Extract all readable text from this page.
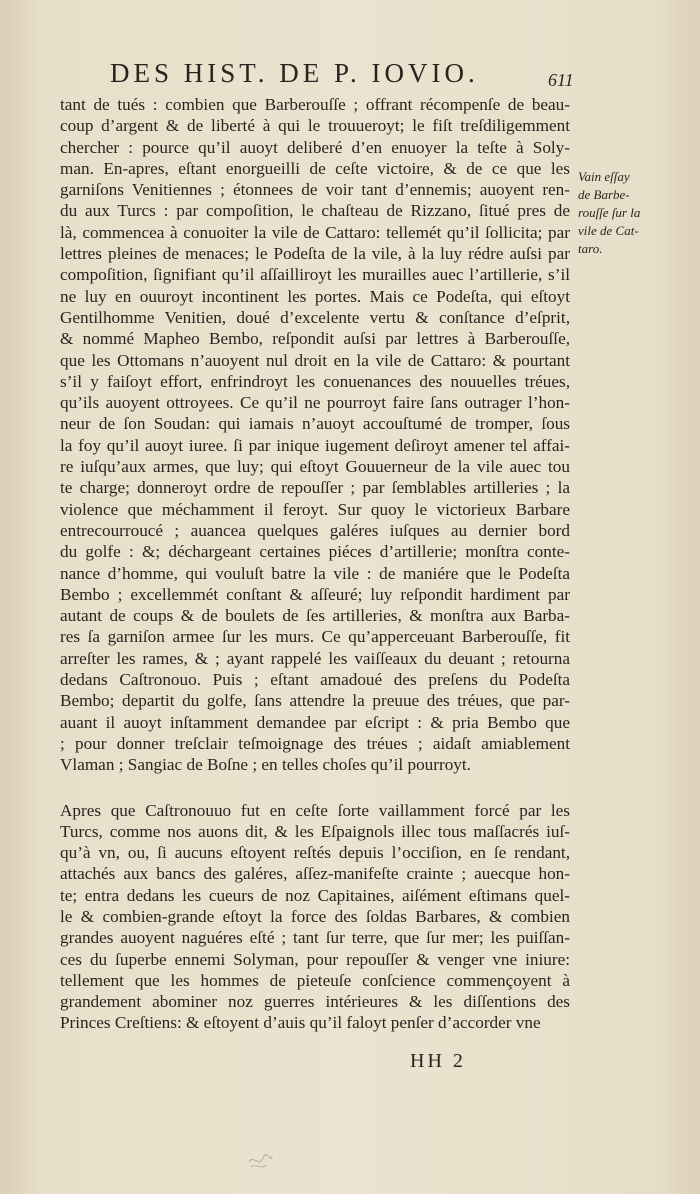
DES HIST. DE P. IOVIO.	611
tant de tués : combien que Barberouſſe ; offrant récompenſe de beau-
coup d’argent & de liberté à qui le trouueroyt; le fiſt treſdiligemment
chercher : pource qu’il auoyt deliberé d’en enuoyer la teſte à Soly-
man. En-apres, eſtant enorgueilli de ceſte victoire, & de ce que les
garniſons Venitiennes ; étonnees de voir tant d’ennemis; auoyent ren-
du aux Turcs : par compoſition, le chaſteau de Rizzano, ſitué pres de
là, commencea à conuoiter la vile de Cattaro: tellemét qu’il ſollicita; par
lettres pleines de menaces; le Podeſta de la vile, à la luy rédre auſsi par
compoſition, ſignifiant qu’il aſſailliroyt les murailles auec l’artillerie, s’il
ne luy en ouuroyt incontinent les portes. Mais ce Podeſta, qui eſtoyt
Gentilhomme Venitien, doué d’excelente vertu & conſtance d’eſprit,
& nommé Mapheo Bembo, reſpondit auſsi par lettres à Barberouſſe,
que les Ottomans n’auoyent nul droit en la vile de Cattaro: & pourtant
s’il y faiſoyt effort, enfrindroyt les conuenances des nouuelles tréues,
qu’ils auoyent ottroyees. Ce qu’il ne pourroyt faire ſans outrager l’hon-
neur de ſon Soudan: qui iamais n’auoyt accouſtumé de tromper, ſous
la foy qu’il auoyt iuree. ſi par inique iugement deſiroyt amener tel affai-
re iuſqu’aux armes, que luy; qui eſtoyt Gouuerneur de la vile auec tou
te charge; donneroyt ordre de repouſſer ; par ſemblables artilleries ; la
violence que méchamment il feroyt. Sur quoy le victorieux Barbare
entrecourroucé ; auancea quelques galéres iuſques au dernier bord
du golfe : &; déchargeant certaines piéces d’artillerie; monſtra conte-
nance d’homme, qui vouluſt batre la vile : de maniére que le Podeſta
Bembo ; excellemmét conſtant & aſſeuré; luy reſpondit hardiment par
autant de coups & de boulets de ſes artilleries, & monſtra aux Barba-
res ſa garniſon armee ſur les murs. Ce qu’apperceuant Barberouſſe, fit
arreſter les rames, & ; ayant rappelé les vaiſſeaux du deuant ; retourna
dedans Caſtronouo. Puis ; eſtant amadoué des preſens du Podeſta
Bembo; departit du golfe, ſans attendre la preuue des tréues, que par-
auant il auoyt inſtamment demandee par eſcript : & pria Bembo que
; pour donner treſclair teſmoignage des tréues ; aidaſt amiablement
Vlaman ; Sangiac de Boſne ; en telles choſes qu’il pourroyt.
Apres que Caſtronouuo fut en ceſte ſorte vaillamment forcé par les
Turcs, comme nos auons dit, & les Eſpaignols illec tous maſſacrés iuſ-
qu’à vn, ou, ſi aucuns eſtoyent reſtés depuis l’occiſion, en ſe rendant,
attachés aux bancs des galéres, aſſez-manifeſte crainte ; auecque hon-
te; entra dedans les cueurs de noz Capitaines, aiſément eſtimans quel-
le & combien-grande eſtoyt la force des ſoldas Barbares, & combien
grandes auoyent naguéres eſté ; tant ſur terre, que ſur mer; les puiſſan-
ces du ſuperbe ennemi Solyman, pour repouſſer & venger vne iniure:
tellement que les hommes de pieteuſe conſcience commençoyent à
grandement abominer noz guerres intérieures & les diſſentions des
Princes Creſtiens: & eſtoyent d’auis qu’il faloyt penſer d’accorder vne
Vain eſſay
de Barbe-
rouſſe ſur la
vile de Cat-
taro.
HH 2
